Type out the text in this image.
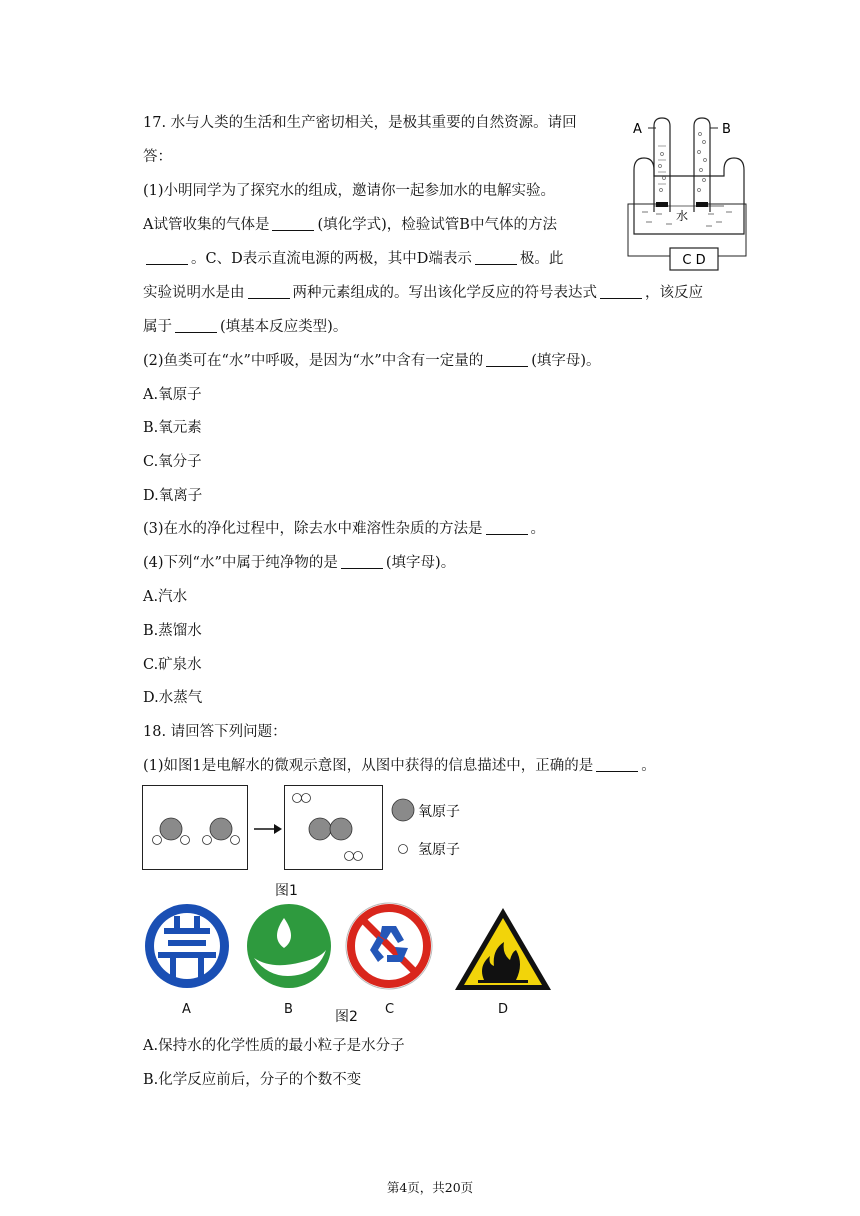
17. 水与人类的生活和生产密切相关，是极其重要的自然资源。请回
答：
(1)小明同学为了探究水的组成，邀请你一起参加水的电解实验。
A试管收集的气体是	(填化学式)，检验试管B中气体的方法
。C、D表示直流电源的两极，其中D端表示	极。此
实验说明水是由	两种元素组成的。写出该化学反应的符号表达式	，该反应
属于	(填基本反应类型)。
(2)鱼类可在“水”中呼吸，是因为“水”中含有一定量的	(填字母)。
A.氧原子
B.氧元素
C.氧分子
D.氧离子
(3)在水的净化过程中，除去水中难溶性杂质的方法是	。
(4)下列“水”中属于纯净物的是	(填字母)。
A.汽水
B.蒸馏水
C.矿泉水
D.水蒸气
C D
A	B
水
18. 请回答下列问题：
(1)如图1是电解水的微观示意图，从图中获得的信息描述中，正确的是	。
氧原子
氢原子
图1
A	B	C	D
图2
A.保持水的化学性质的最小粒子是水分子
B.化学反应前后，分子的个数不变
第4页，共20页
